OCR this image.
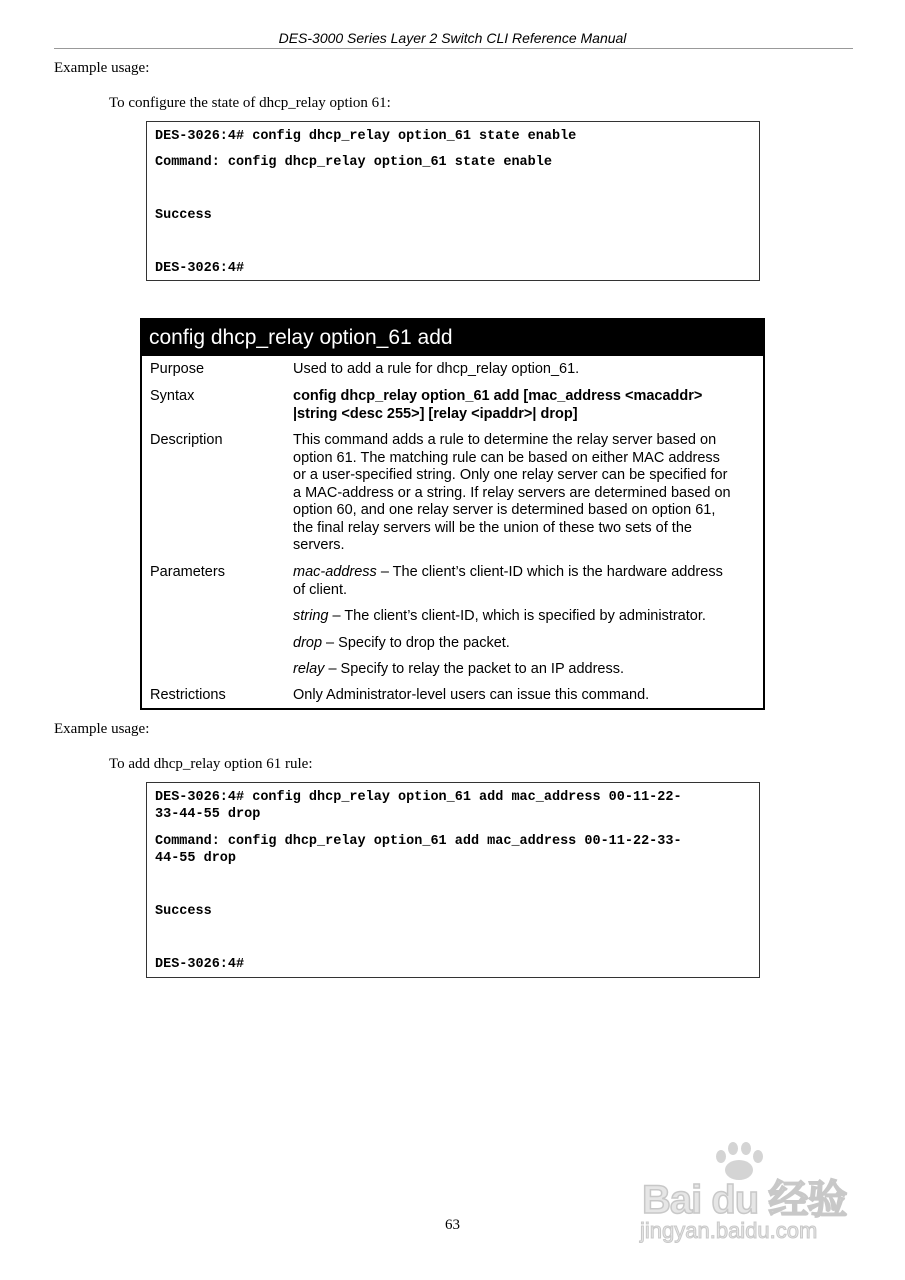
DES-3000 Series Layer 2 Switch CLI Reference Manual
Example usage:
To configure the state of dhcp_relay option 61:
DES-3026:4# config dhcp_relay option_61 state enable
Command: config dhcp_relay option_61 state enable
Success
DES-3026:4#
config dhcp_relay option_61 add
Purpose	Used to add a rule for dhcp_relay option_61.
Syntax	config dhcp_relay option_61 add [mac_address <macaddr>
|string <desc 255>] [relay <ipaddr>| drop]
Description	This command adds a rule to determine the relay server based on
option 61. The matching rule can be based on either MAC address
or a user-specified string. Only one relay server can be specified for
a MAC-address or a string. If relay servers are determined based on
option 60, and one relay server is determined based on option 61,
the final relay servers will be the union of these two sets of the
servers.
Parameters	mac-address – The client’s client-ID which is the hardware address
of client.
string – The client’s client-ID, which is specified by administrator.
drop – Specify to drop the packet.
relay – Specify to relay the packet to an IP address.
Restrictions	Only Administrator-level users can issue this command.
Example usage:
To add dhcp_relay option 61 rule:
DES-3026:4# config dhcp_relay option_61 add mac_address 00-11-22-
33-44-55 drop
Command: config dhcp_relay option_61 add mac_address 00-11-22-33-
44-55 drop
Success
DES-3026:4#
Bai du 经验
jingyan.baidu.com
63
